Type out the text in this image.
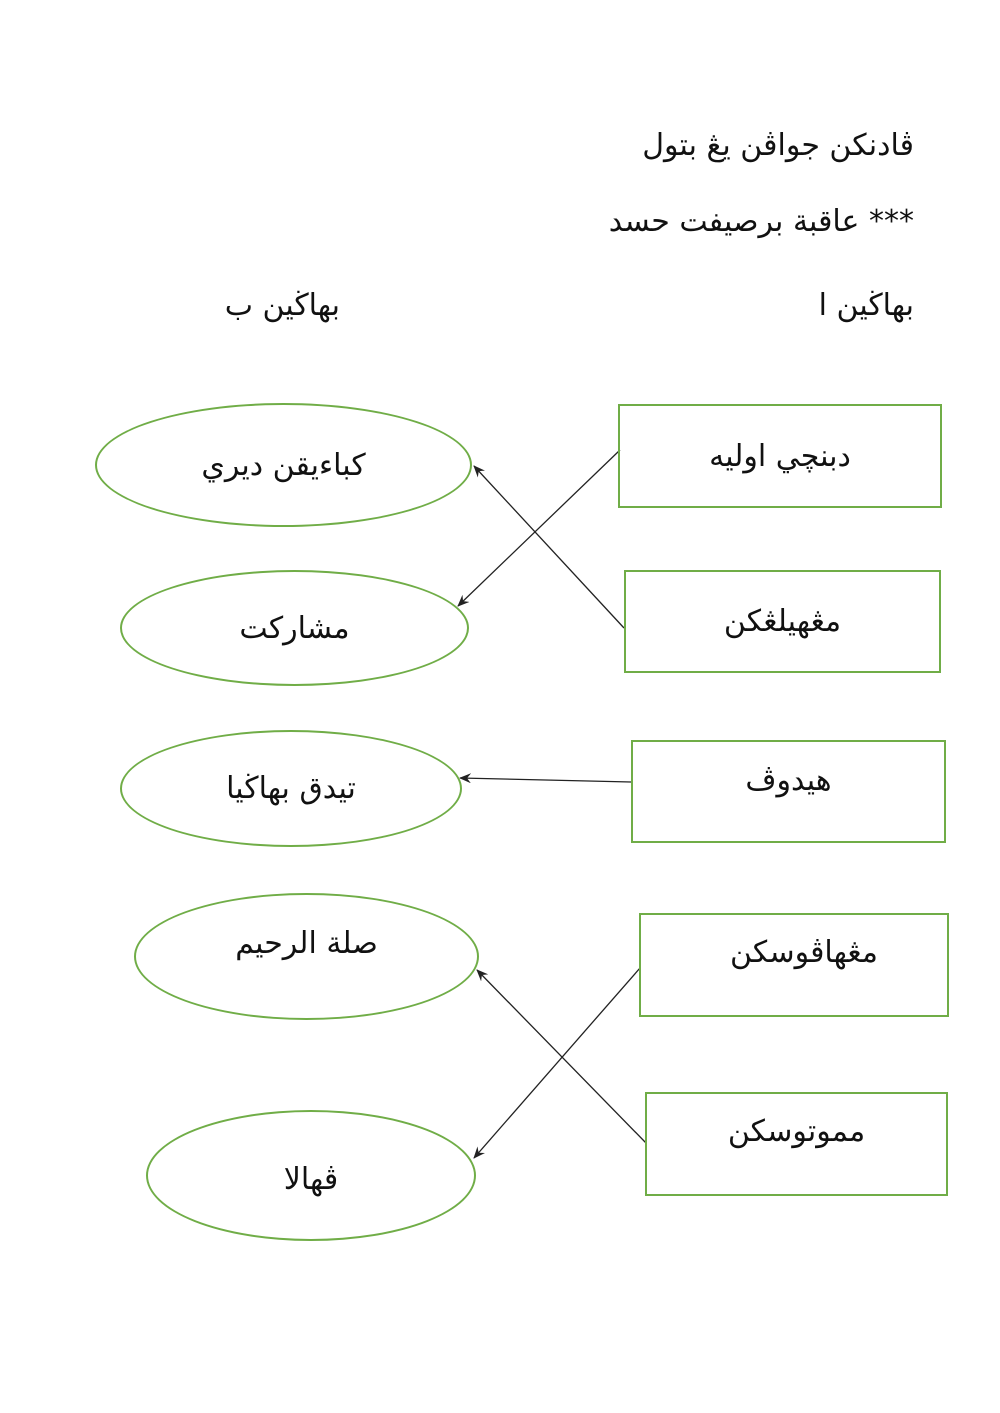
ڤادنكن جواڤن يڠ بتول
*** عاقبة برصيفت حسد
بهاڬين ا
بهاڬين ب
دبنچي اوليه
مڠهيلڠكن
هيدوڤ
مڠهاڤوسكن
مموتوسكن
كباءيقن ديري
مشاركت
تيدق بهاڬيا
صلة الرحيم
ڤهالا
